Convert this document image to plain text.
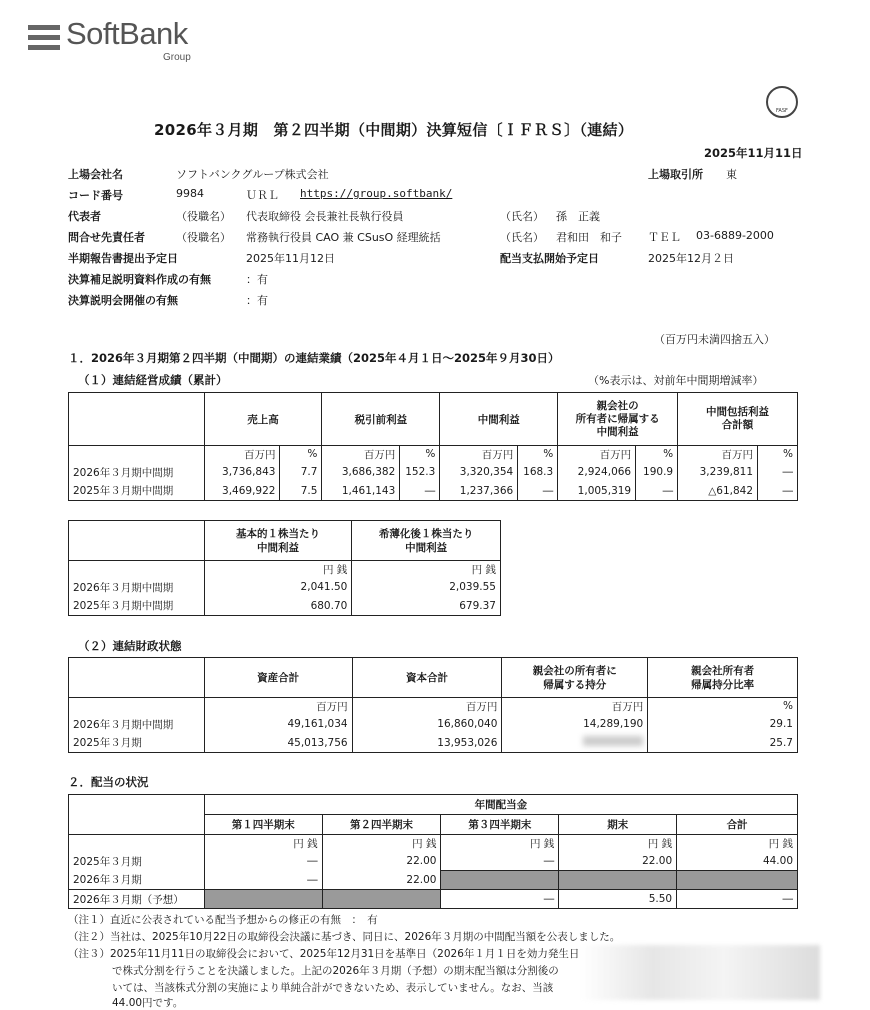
SoftBank
Group
FASF
2026年３月期　第２四半期（中間期）決算短信〔ＩＦＲＳ〕（連結）
2025年11月11日
上場会社名	ソフトバンクグループ株式会社	上場取引所 東
コード番号	9984	ＵＲＬ https://group.softbank/
代表者	（役職名） 代表取締役 会長兼社長執行役員	（氏名） 孫　正義
問合せ先責任者	（役職名） 常務執行役員 CAO 兼 CSusO 経理統括	（氏名） 君和田　和子 ＴＥＬ 03-6889-2000
半期報告書提出予定日	2025年11月12日	配当支払開始予定日	2025年12月２日
決算補足説明資料作成の有無	：有
決算説明会開催の有無	：有
（百万円未満四捨五入）
１．2026年３月期第２四半期（中間期）の連結業績（2025年４月１日～2025年９月30日）
（１）連結経営成績（累計）	（%表示は、対前年中間期増減率）
	売上高		税引前利益		中間利益		親会社の
所有者に帰属する
中間利益		中間包括利益
合計額	
	百万円	%	百万円	%	百万円	%	百万円	%	百万円	%
2026年３月期中間期	3,736,843	7.7	3,686,382	152.3	3,320,354	168.3	2,924,066	190.9	3,239,811	―
2025年３月期中間期	3,469,922	7.5	1,461,143	―	1,237,366	―	1,005,319	―	△61,842	―
	基本的１株当たり
中間利益	希薄化後１株当たり
中間利益
	円 銭	円 銭
2026年３月期中間期	2,041.50	2,039.55
2025年３月期中間期	680.70	679.37
（２）連結財政状態
	資産合計	資本合計	親会社の所有者に
帰属する持分	親会社所有者
帰属持分比率
	百万円	百万円	百万円	%
2026年３月期中間期	49,161,034	16,860,040	14,289,190	29.1
2025年３月期	45,013,756	13,953,026		25.7
２．配当の状況
	年間配当金				
	第１四半期末	第２四半期末	第３四半期末	期末	合計
	円 銭	円 銭	円 銭	円 銭	円 銭
2025年３月期	―	22.00	―	22.00	44.00
2026年３月期	―	22.00			
2026年３月期（予想）			―	5.50	―
（注１）直近に公表されている配当予想からの修正の有無　：　有
（注２）当社は、2025年10月22日の取締役会決議に基づき、同日に、2026年３月期の中間配当額を公表しました。
（注３）2025年11月11日の取締役会において、2025年12月31日を基準日（2026年１月１日を効力発生日
で株式分割を行うことを決議しました。上記の2026年３月期（予想）の期末配当額は分割後の
いては、当該株式分割の実施により単純合計ができないため、表示していません。なお、当該
44.00円です。
